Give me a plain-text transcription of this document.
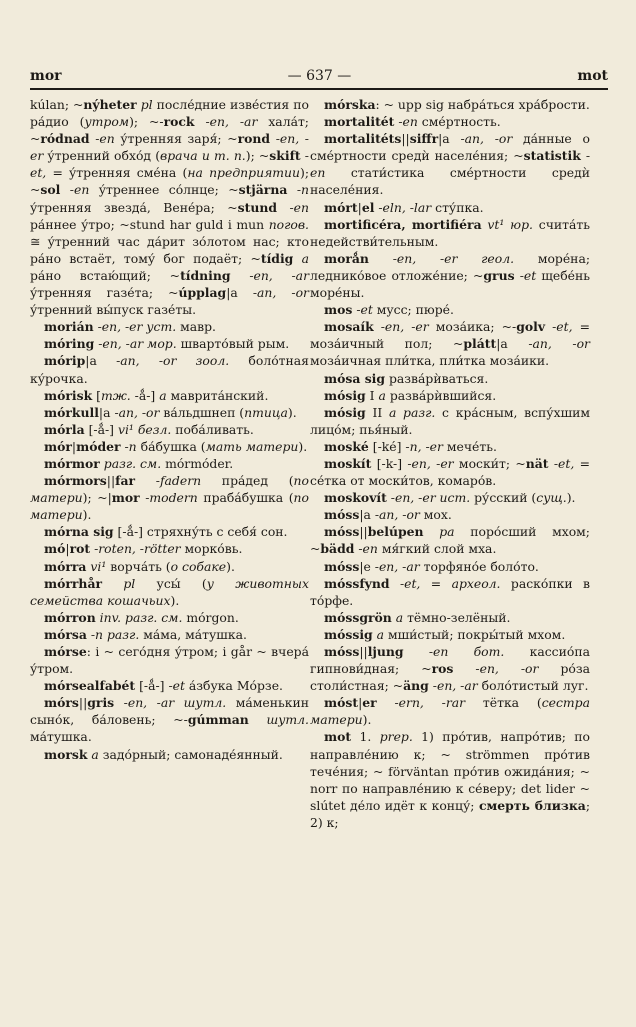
mor	— 637 —	mot

kúlan; ~nýheter pl после́дние изве́стия по ра́дио (утром); ~-rock -en, -ar хала́т; ~ródnad -en у́тренняя заря́; ~rond -en, -er у́тренний обхо́д (врача и т. п.); ~skift -et, = у́тренняя сме́на (на предприятии); ~sol -en у́треннее со́лнце; ~stjärna -n у́тренняя звезда́, Вене́ра; ~stund -en ра́ннее у́тро; ~stund har guld i mun погов. ≅ у́тренний час да́рит зо́лотом нас; кто ра́но встаёт, тому́ бог подаёт; ~tídig a ра́но встаю́щий; ~tídning -en, -ar у́тренняя газе́та; ~úpplag|a -an, -or у́тренний вы́пуск газе́ты.

morián -en, -er уст. мавр.

móring -en, -ar мор. шварто́вый рым.

mórip|a -an, -or зоол. боло́тная ку́рочка.

mórisk [тж. -ǻ-] a маврита́нский.

mórkull|a -an, -or ва́льдшнеп (птица).

mórla [-ǻ-] vi¹ безл. поба́ливать.

mór|móder -n ба́бушка (мать матери).

mórmor разг. см. mórmóder.

mórmors||far -fadern пра́дед (по матери); ~|mor -modern праба́бушка (по матери).

mórna sig [-ǻ-] стряхну́ть с себя́ сон.

mó|rot -roten, -rötter морко́вь.

mórra vi¹ ворча́ть (о собаке).

mórrhår pl усы́ (у животных семейства кошачьих).

mórron inv. разг. см. mórgon.

mórsa -n разг. ма́ма, ма́тушка.

mórse: i ~ сего́дня у́тром; i går ~ вчера́ у́тром.

mórsealfabét [-ǻ-] -et а́збука Мо́рзе.

mórs||gris -en, -ar шутл. ма́менькин сыно́к, ба́ловень; ~-gúmman шутл. ма́тушка.

morsk a задо́рный; самонаде́янный.

mórska: ~ upp sig набра́ться хра́брости.

mortalitét -en сме́ртность.

mortalitéts||siffr|a -an, -or да́нные о сме́ртности средѝ населе́ния; ~statistik -en стати́стика сме́ртности средѝ населе́ния.

mórt|el -eln, -lar сту́пка.

mortificéra, mortifiéra vt¹ юр. счита́ть недействи́тельным.

morǻn -en, -er геол. море́на; леднико́вое отложе́ние; ~grus -et щебе́нь море́ны.

mos -et мусс; пюре́.

mosaík -en, -er моза́ика; ~-golv -et, = моза́ичный пол; ~plátt|a -an, -or моза́ичная пли́тка, пли́тка моза́ики.

mósa sig разва́рѝваться.

mósig I a разва́рѝвшийся.

mósig II a разг. с кра́сным, вспу́хшим лицо́м; пья́ный.

moské [-ké] -n, -er мече́ть.

moskít [-k-] -en, -er моски́т; ~nät -et, = се́тка от моски́тов, комаро́в.

moskovít -en, -er ист. ру́сский (сущ.).

móss|a -an, -or мох.

móss||belúpen pa поро́сший мхом; ~bädd -en мя́гкий слой мха.

móss|e -en, -ar торфяно́е боло́то.

móssfynd -et, = археол. раско́пки в то́рфе.

móssgrön a тёмно-зелёный.

móssig a мши́стый; покры́тый мхом.

móss||ljung -en бот. кассио́па гипнови́дная; ~ros -en, -or ро́за столи́стная; ~äng -en, -ar боло́тистый луг.

móst|er -ern, -rar тётка (сестра матери).

mot 1. prep. 1) про́тив, напро́тив; по направле́нию к; ~ strömmen про́тив тече́ния; ~ förväntan про́тив ожида́ния; ~ norr по направле́нию к се́веру; det lider ~ slútet де́ло идёт к концу́; смерть близка; 2) к;
